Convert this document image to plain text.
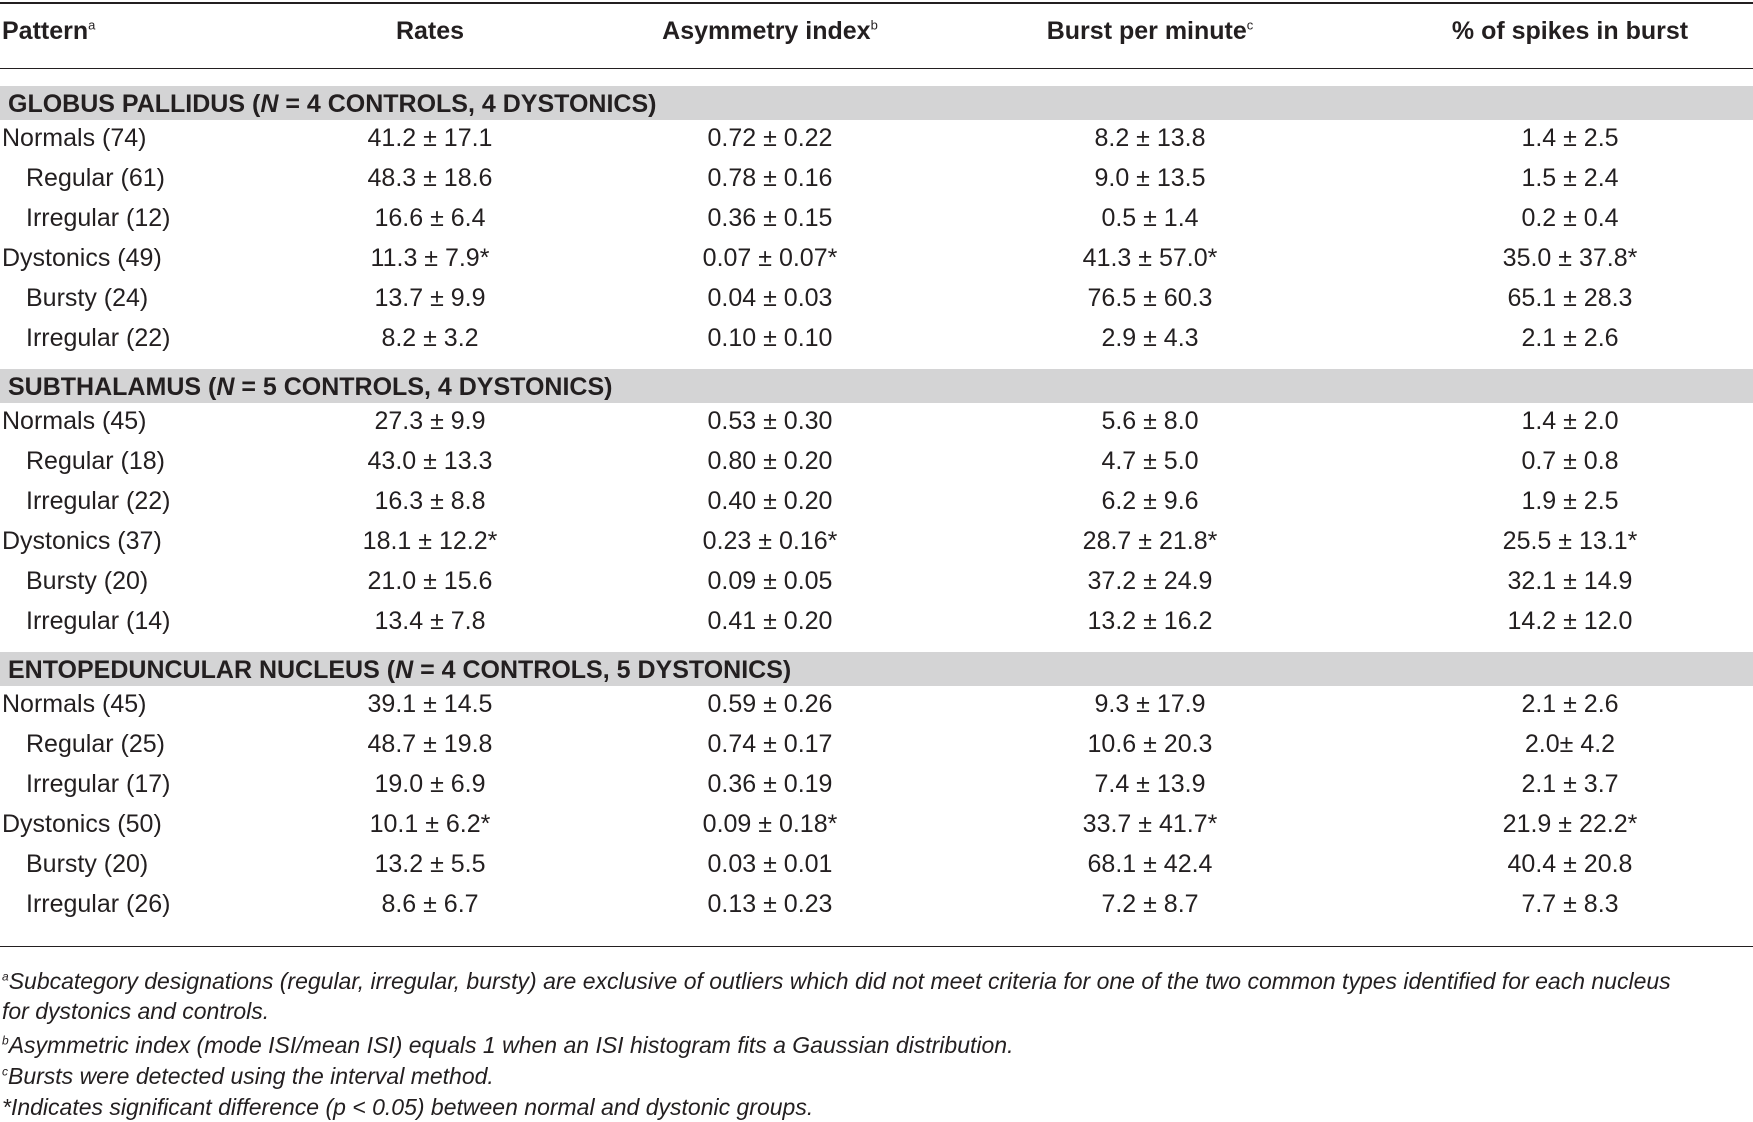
Pattern$^a$	Rates	Asymmetry index$^b$	Burst per minute$^c$	% of spikes in burst
GLOBUS PALLIDUS (N = 4 CONTROLS, 4 DYSTONICS)
Normals (74)	41.2 ± 17.1	0.72 ± 0.22	8.2 ± 13.8	1.4 ± 2.5
Regular (61)	48.3 ± 18.6	0.78 ± 0.16	9.0 ± 13.5	1.5 ± 2.4
Irregular (12)	16.6 ± 6.4	0.36 ± 0.15	0.5 ± 1.4	0.2 ± 0.4
Dystonics (49)	11.3 ± 7.9*	0.07 ± 0.07*	41.3 ± 57.0*	35.0 ± 37.8*
Bursty (24)	13.7 ± 9.9	0.04 ± 0.03	76.5 ± 60.3	65.1 ± 28.3
Irregular (22)	8.2 ± 3.2	0.10 ± 0.10	2.9 ± 4.3	2.1 ± 2.6
SUBTHALAMUS (N = 5 CONTROLS, 4 DYSTONICS)
Normals (45)	27.3 ± 9.9	0.53 ± 0.30	5.6 ± 8.0	1.4 ± 2.0
Regular (18)	43.0 ± 13.3	0.80 ± 0.20	4.7 ± 5.0	0.7 ± 0.8
Irregular (22)	16.3 ± 8.8	0.40 ± 0.20	6.2 ± 9.6	1.9 ± 2.5
Dystonics (37)	18.1 ± 12.2*	0.23 ± 0.16*	28.7 ± 21.8*	25.5 ± 13.1*
Bursty (20)	21.0 ± 15.6	0.09 ± 0.05	37.2 ± 24.9	32.1 ± 14.9
Irregular (14)	13.4 ± 7.8	0.41 ± 0.20	13.2 ± 16.2	14.2 ± 12.0
ENTOPEDUNCULAR NUCLEUS (N = 4 CONTROLS, 5 DYSTONICS)
Normals (45)	39.1 ± 14.5	0.59 ± 0.26	9.3 ± 17.9	2.1 ± 2.6
Regular (25)	48.7 ± 19.8	0.74 ± 0.17	10.6 ± 20.3	2.0± 4.2
Irregular (17)	19.0 ± 6.9	0.36 ± 0.19	7.4 ± 13.9	2.1 ± 3.7
Dystonics (50)	10.1 ± 6.2*	0.09 ± 0.18*	33.7 ± 41.7*	21.9 ± 22.2*
Bursty (20)	13.2 ± 5.5	0.03 ± 0.01	68.1 ± 42.4	40.4 ± 20.8
Irregular (26)	8.6 ± 6.7	0.13 ± 0.23	7.2 ± 8.7	7.7 ± 8.3
$^a$Subcategory designations (regular, irregular, bursty) are exclusive of outliers which did not meet criteria for one of the two common types identified for each nucleus
for dystonics and controls.
$^b$Asymmetric index (mode ISI/mean ISI) equals 1 when an ISI histogram fits a Gaussian distribution.
$^c$Bursts were detected using the interval method.
*Indicates significant difference (p < 0.05) between normal and dystonic groups.
